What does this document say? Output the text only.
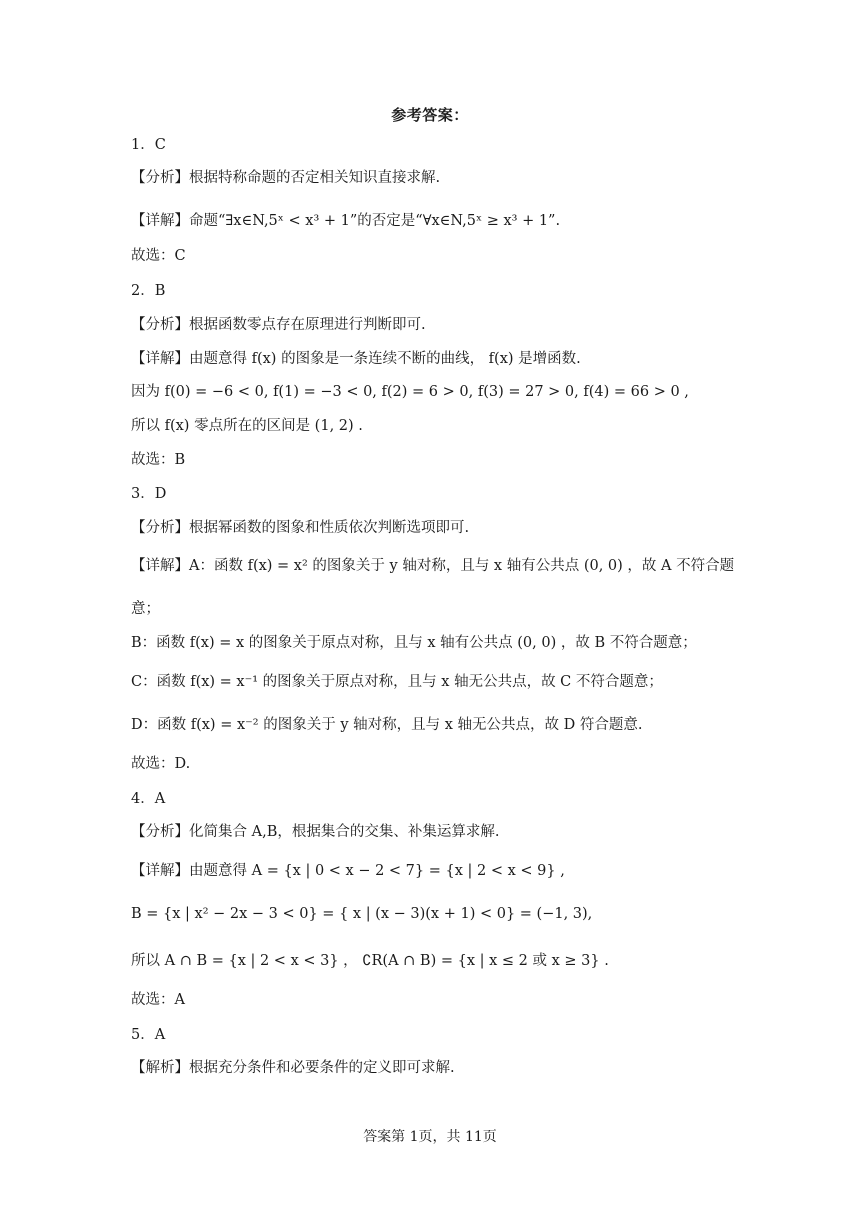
参考答案：
1．C
【分析】根据特称命题的否定相关知识直接求解.
【详解】命题“∃x∈N,5ˣ < x³ + 1”的否定是“∀x∈N,5ˣ ≥ x³ + 1”.
故选：C
2．B
【分析】根据函数零点存在原理进行判断即可.
【详解】由题意得 f(x) 的图象是一条连续不断的曲线， f(x) 是增函数.
因为 f(0) = −6 < 0, f(1) = −3 < 0, f(2) = 6 > 0, f(3) = 27 > 0, f(4) = 66 > 0 ,
所以 f(x) 零点所在的区间是 (1, 2) .
故选：B
3．D
【分析】根据幂函数的图象和性质依次判断选项即可.
【详解】A：函数 f(x) = x² 的图象关于 y 轴对称，且与 x 轴有公共点 (0, 0) ，故 A 不符合题
意；
B：函数 f(x) = x 的图象关于原点对称，且与 x 轴有公共点 (0, 0) ，故 B 不符合题意；
C：函数 f(x) = x⁻¹ 的图象关于原点对称，且与 x 轴无公共点，故 C 不符合题意；
D：函数 f(x) = x⁻² 的图象关于 y 轴对称，且与 x 轴无公共点，故 D 符合题意.
故选：D.
4．A
【分析】化简集合 A,B，根据集合的交集、补集运算求解.
【详解】由题意得 A = {x | 0 < x − 2 < 7} = {x | 2 < x < 9} ,
B = {x | x² − 2x − 3 < 0} = { x | (x − 3)(x + 1) < 0} = (−1, 3),
所以 A ∩ B = {x | 2 < x < 3} ， ∁R(A ∩ B) = {x | x ≤ 2 或 x ≥ 3} .
故选：A
5．A
【解析】根据充分条件和必要条件的定义即可求解.
答案第 1页，共 11页
